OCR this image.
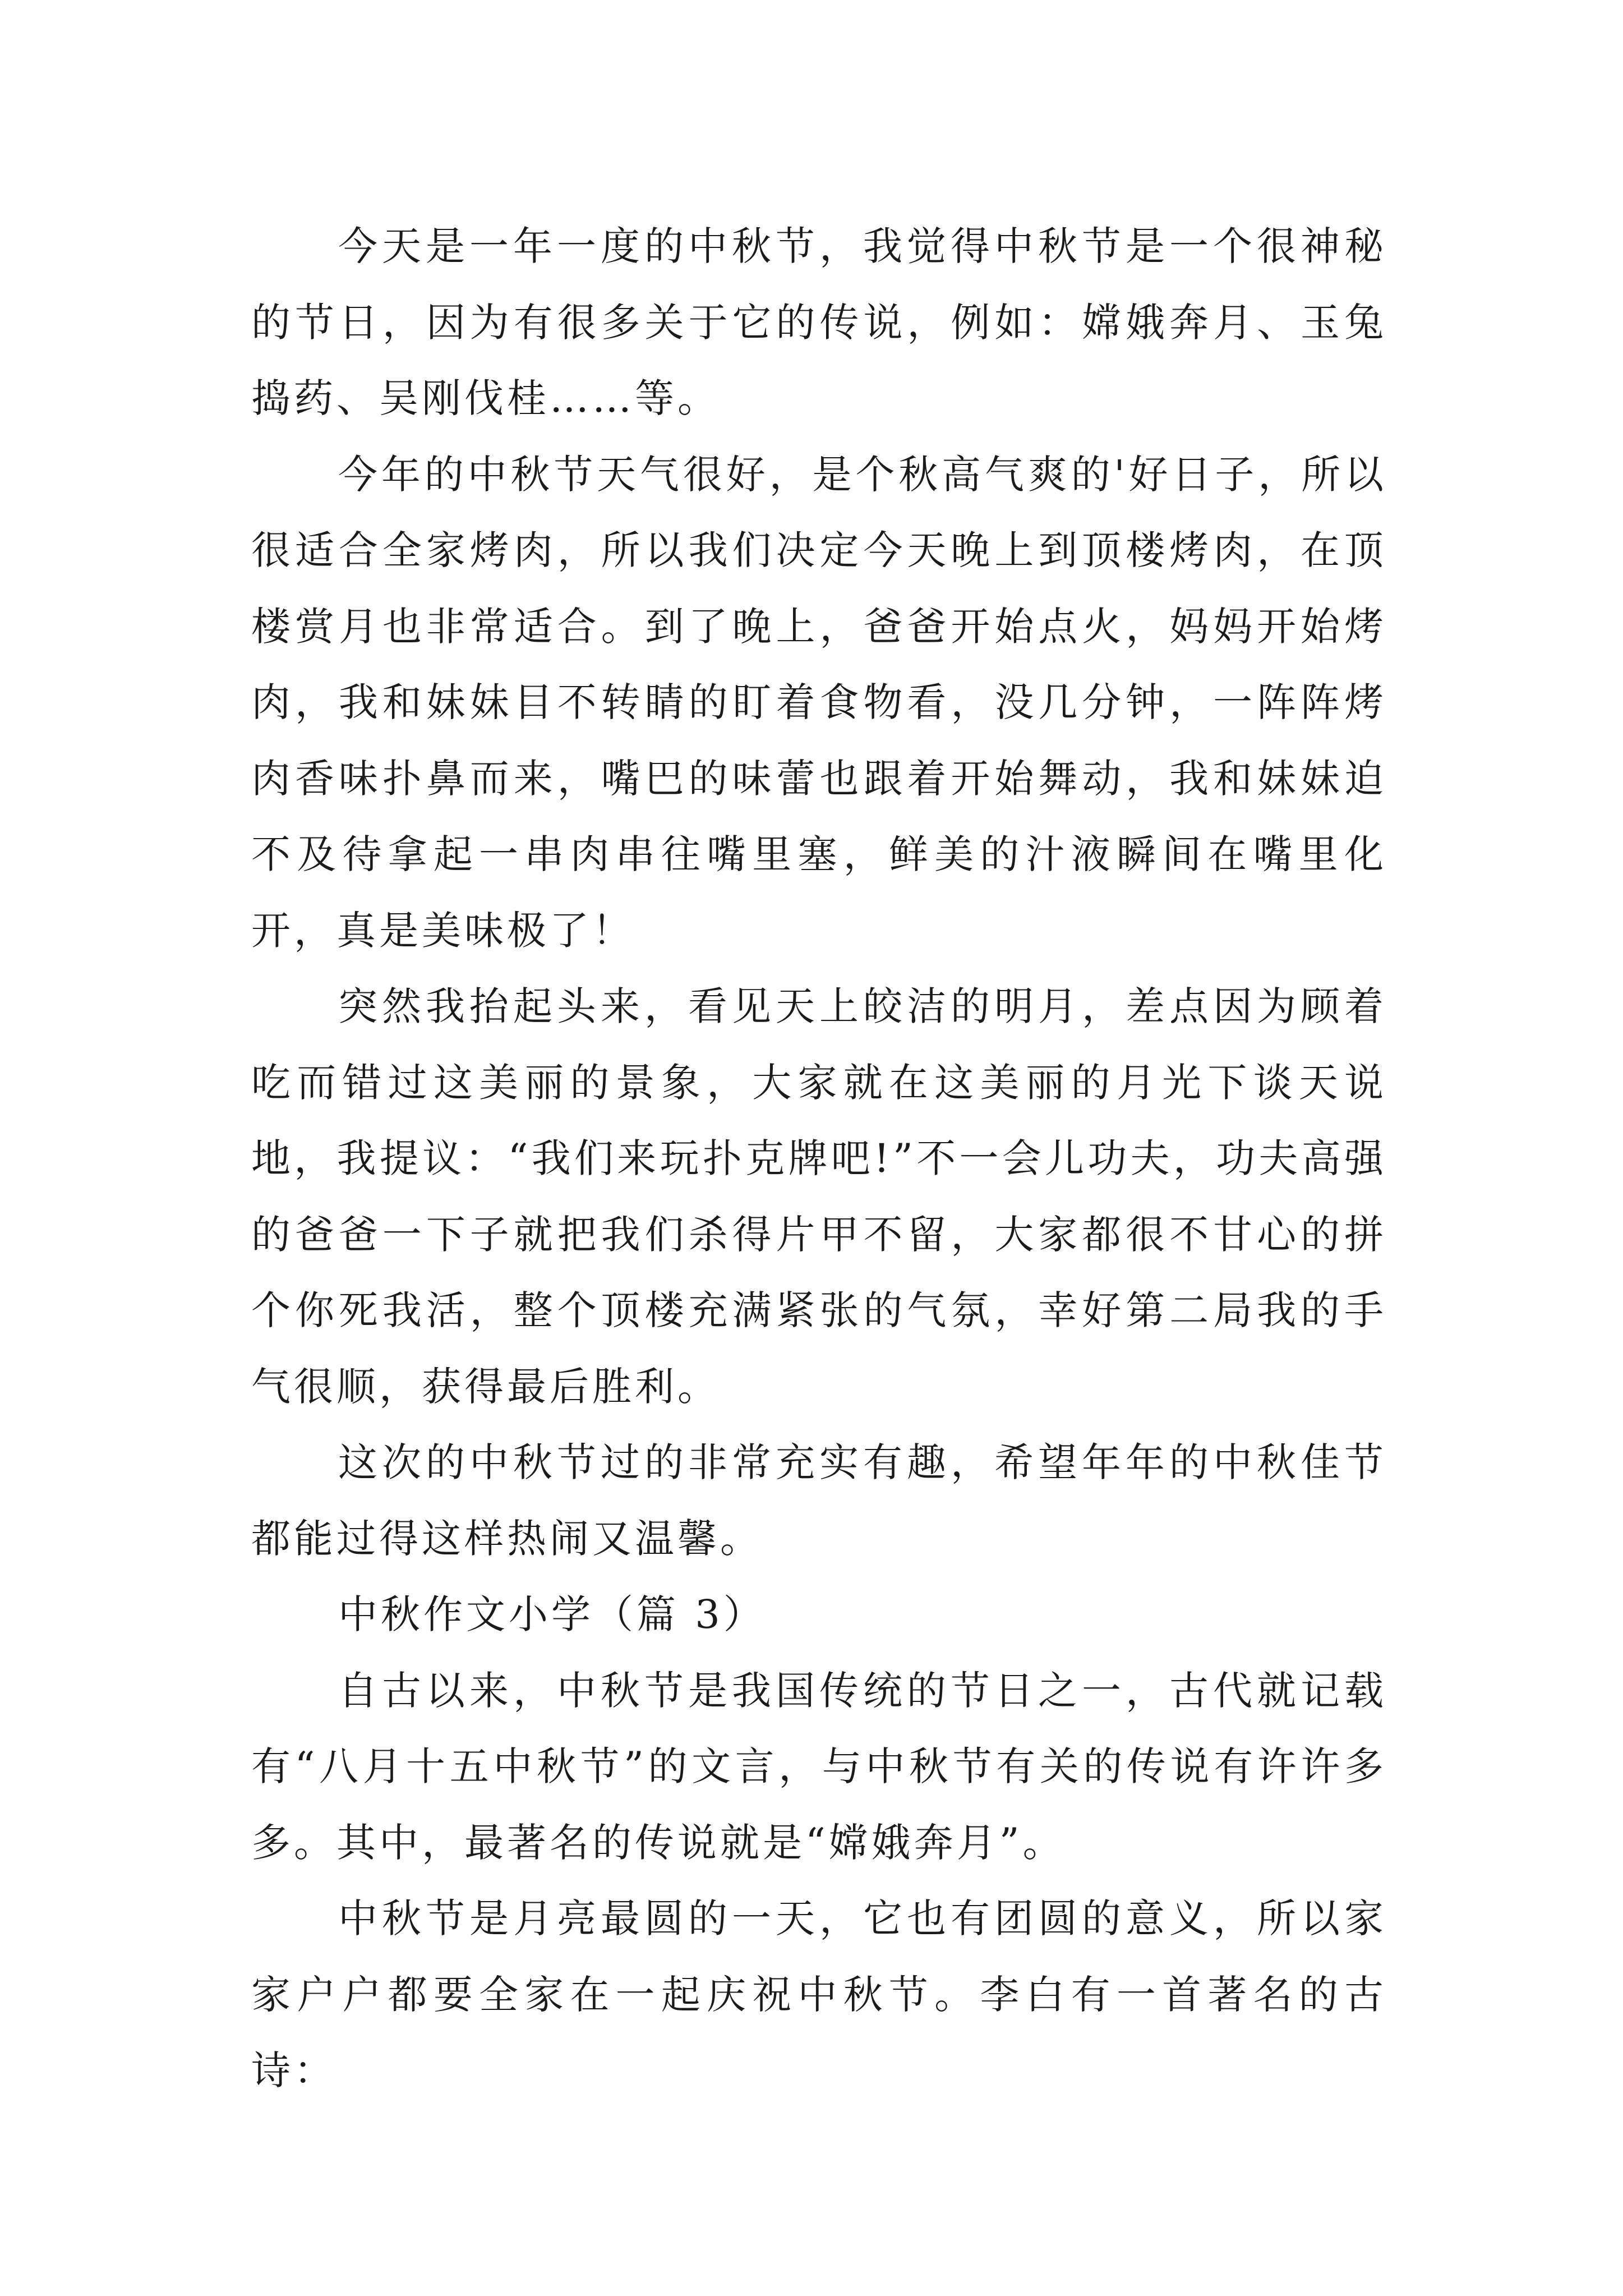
今天是一年一度的中秋节，我觉得中秋节是一个很神秘的节日，因为有很多关于它的传说，例如：嫦娥奔月、玉兔捣药、吴刚伐桂……等。

今年的中秋节天气很好，是个秋高气爽的'好日子，所以很适合全家烤肉，所以我们决定今天晚上到顶楼烤肉，在顶楼赏月也非常适合。到了晚上，爸爸开始点火，妈妈开始烤肉，我和妹妹目不转睛的盯着食物看，没几分钟，一阵阵烤肉香味扑鼻而来，嘴巴的味蕾也跟着开始舞动，我和妹妹迫不及待拿起一串肉串往嘴里塞，鲜美的汁液瞬间在嘴里化开，真是美味极了！

突然我抬起头来，看见天上皎洁的明月，差点因为顾着吃而错过这美丽的景象，大家就在这美丽的月光下谈天说地，我提议：“我们来玩扑克牌吧!”不一会儿功夫，功夫高强的爸爸一下子就把我们杀得片甲不留，大家都很不甘心的拼个你死我活，整个顶楼充满紧张的气氛，幸好第二局我的手气很顺，获得最后胜利。

这次的中秋节过的非常充实有趣，希望年年的中秋佳节都能过得这样热闹又温馨。

中秋作文小学（篇 3）

自古以来，中秋节是我国传统的节日之一，古代就记载有“八月十五中秋节”的文言，与中秋节有关的传说有许许多多。其中，最著名的传说就是“嫦娥奔月”。

中秋节是月亮最圆的一天，它也有团圆的意义，所以家家户户都要全家在一起庆祝中秋节。李白有一首著名的古诗：
